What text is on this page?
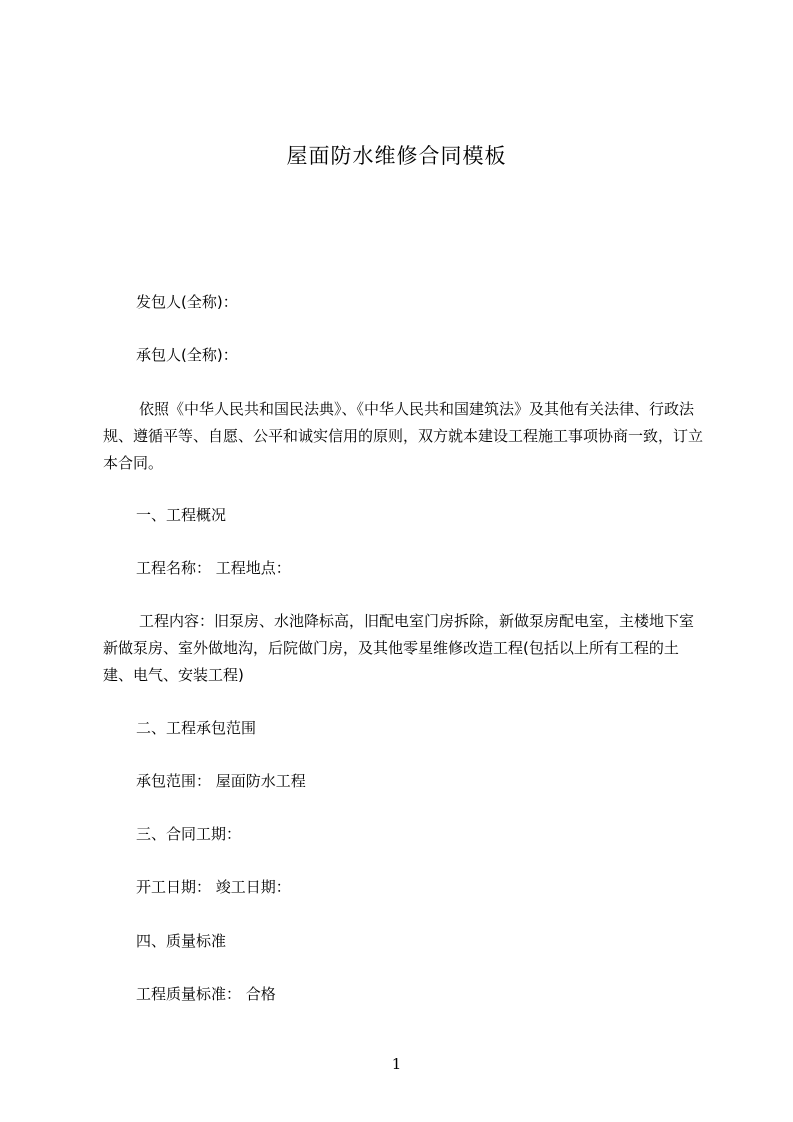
屋面防水维修合同模板
发包人(全称)：
承包人(全称)：
依照《中华人民共和国民法典》、《中华人民共和国建筑法》及其他有关法律、行政法规、遵循平等、自愿、公平和诚实信用的原则，双方就本建设工程施工事项协商一致，订立本合同。
一、工程概况
工程名称： 工程地点：
工程内容：旧泵房、水池降标高，旧配电室门房拆除，新做泵房配电室，主楼地下室新做泵房、室外做地沟，后院做门房，及其他零星维修改造工程(包括以上所有工程的土建、电气、安装工程)
二、工程承包范围
承包范围： 屋面防水工程
三、合同工期：
开工日期： 竣工日期：
四、质量标准
工程质量标准： 合格
1
